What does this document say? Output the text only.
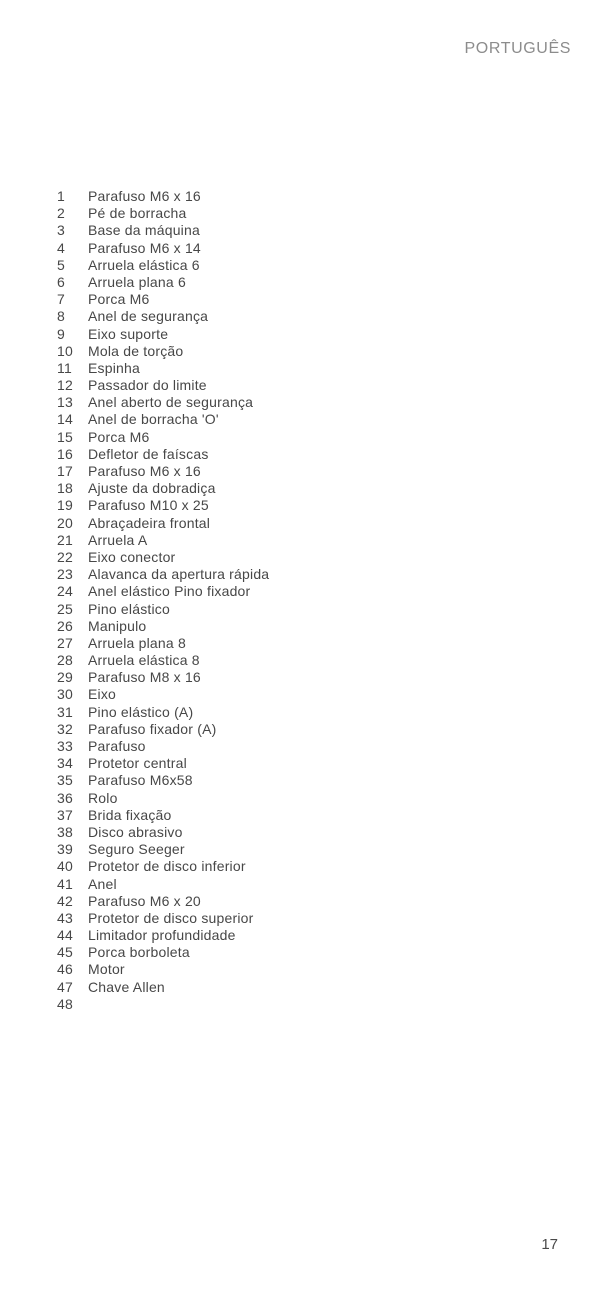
PORTUGUÊS
1	Parafuso M6 x 16
2	Pé de borracha
3	Base da máquina
4	Parafuso M6 x 14
5	Arruela elástica 6
6	Arruela plana 6
7	Porca M6
8	Anel de segurança
9	Eixo suporte
10	Mola de torção
11	Espinha
12	Passador do limite
13	Anel aberto de segurança
14	Anel de borracha 'O'
15	Porca M6
16	Defletor de faíscas
17	Parafuso M6 x 16
18	Ajuste da dobradiça
19	Parafuso M10 x 25
20	Abraçadeira frontal
21	Arruela A
22	Eixo conector
23	Alavanca da apertura rápida
24	Anel elástico Pino fixador
25	Pino elástico
26	Manipulo
27	Arruela plana 8
28	Arruela elástica 8
29	Parafuso M8 x 16
30	Eixo
31	Pino elástico (A)
32	Parafuso fixador (A)
33	Parafuso
34	Protetor central
35	Parafuso M6x58
36	Rolo
37	Brida fixação
38	Disco abrasivo
39	Seguro Seeger
40	Protetor de disco inferior
41	Anel
42	Parafuso M6 x 20
43	Protetor de disco superior
44	Limitador profundidade
45	Porca borboleta
46	Motor
47	Chave Allen
48
17
